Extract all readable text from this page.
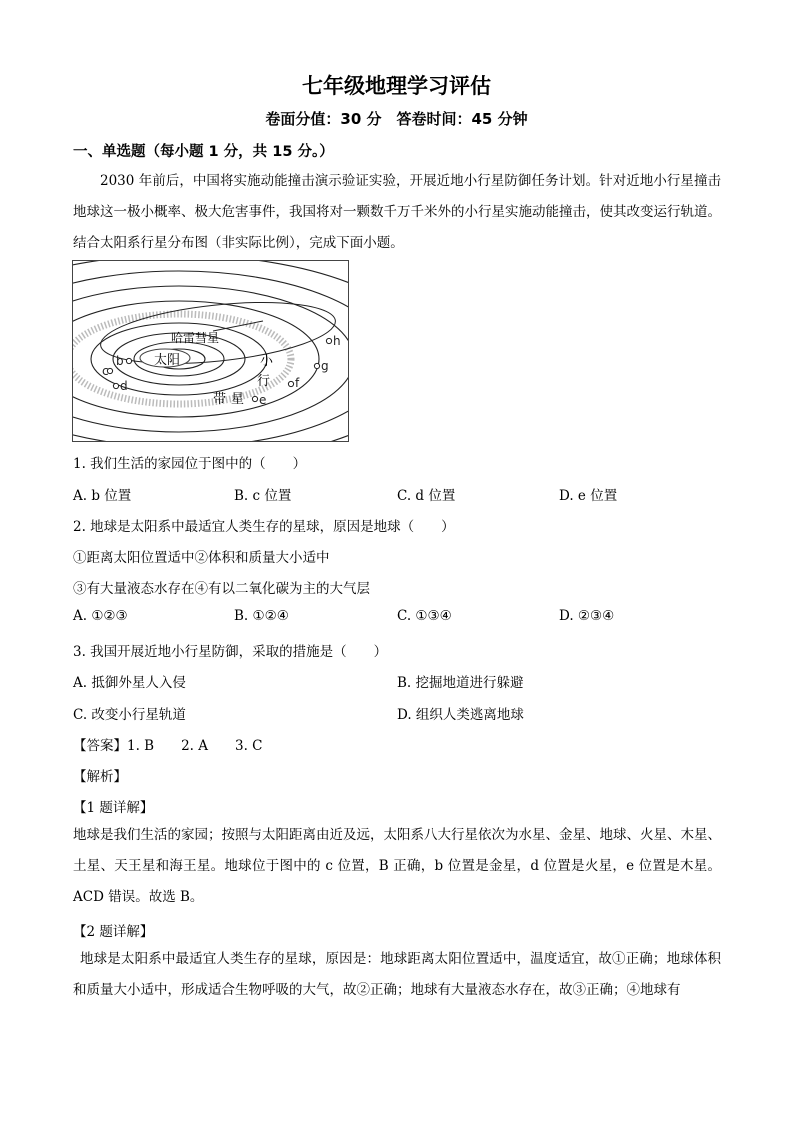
七年级地理学习评估
卷面分值：30 分　答卷时间：45 分钟
一、单选题（每小题 1 分，共 15 分。）
2030 年前后，中国将实施动能撞击演示验证实验，开展近地小行星防御任务计划。针对近地小行星撞击地球这一极小概率、极大危害事件，我国将对一颗数千万千米外的小行星实施动能撞击，使其改变运行轨道。结合太阳系行星分布图（非实际比例），完成下面小题。
太阳
哈雷彗星
小
行
星
带
b
c
d
e
f
g
h
1. 我们生活的家园位于图中的（　　）
A. b 位置	B. c 位置	C. d 位置	D. e 位置
2. 地球是太阳系中最适宜人类生存的星球，原因是地球（　　）
①距离太阳位置适中②体积和质量大小适中
③有大量液态水存在④有以二氧化碳为主的大气层
A. ①②③	B. ①②④	C. ①③④	D. ②③④
3. 我国开展近地小行星防御，采取的措施是（　　）
A. 抵御外星人入侵	B. 挖掘地道进行躲避
C. 改变小行星轨道	D. 组织人类逃离地球
【答案】1. B　　2. A　　3. C
【解析】
【1 题详解】
地球是我们生活的家园；按照与太阳距离由近及远，太阳系八大行星依次为水星、金星、地球、火星、木星、土星、天王星和海王星。地球位于图中的 c 位置，B 正确，b 位置是金星，d 位置是火星，e 位置是木星。ACD 错误。故选 B。
【2 题详解】
地球是太阳系中最适宜人类生存的星球，原因是：地球距离太阳位置适中，温度适宜，故①正确；地球体积和质量大小适中，形成适合生物呼吸的大气，故②正确；地球有大量液态水存在，故③正确；④地球有
